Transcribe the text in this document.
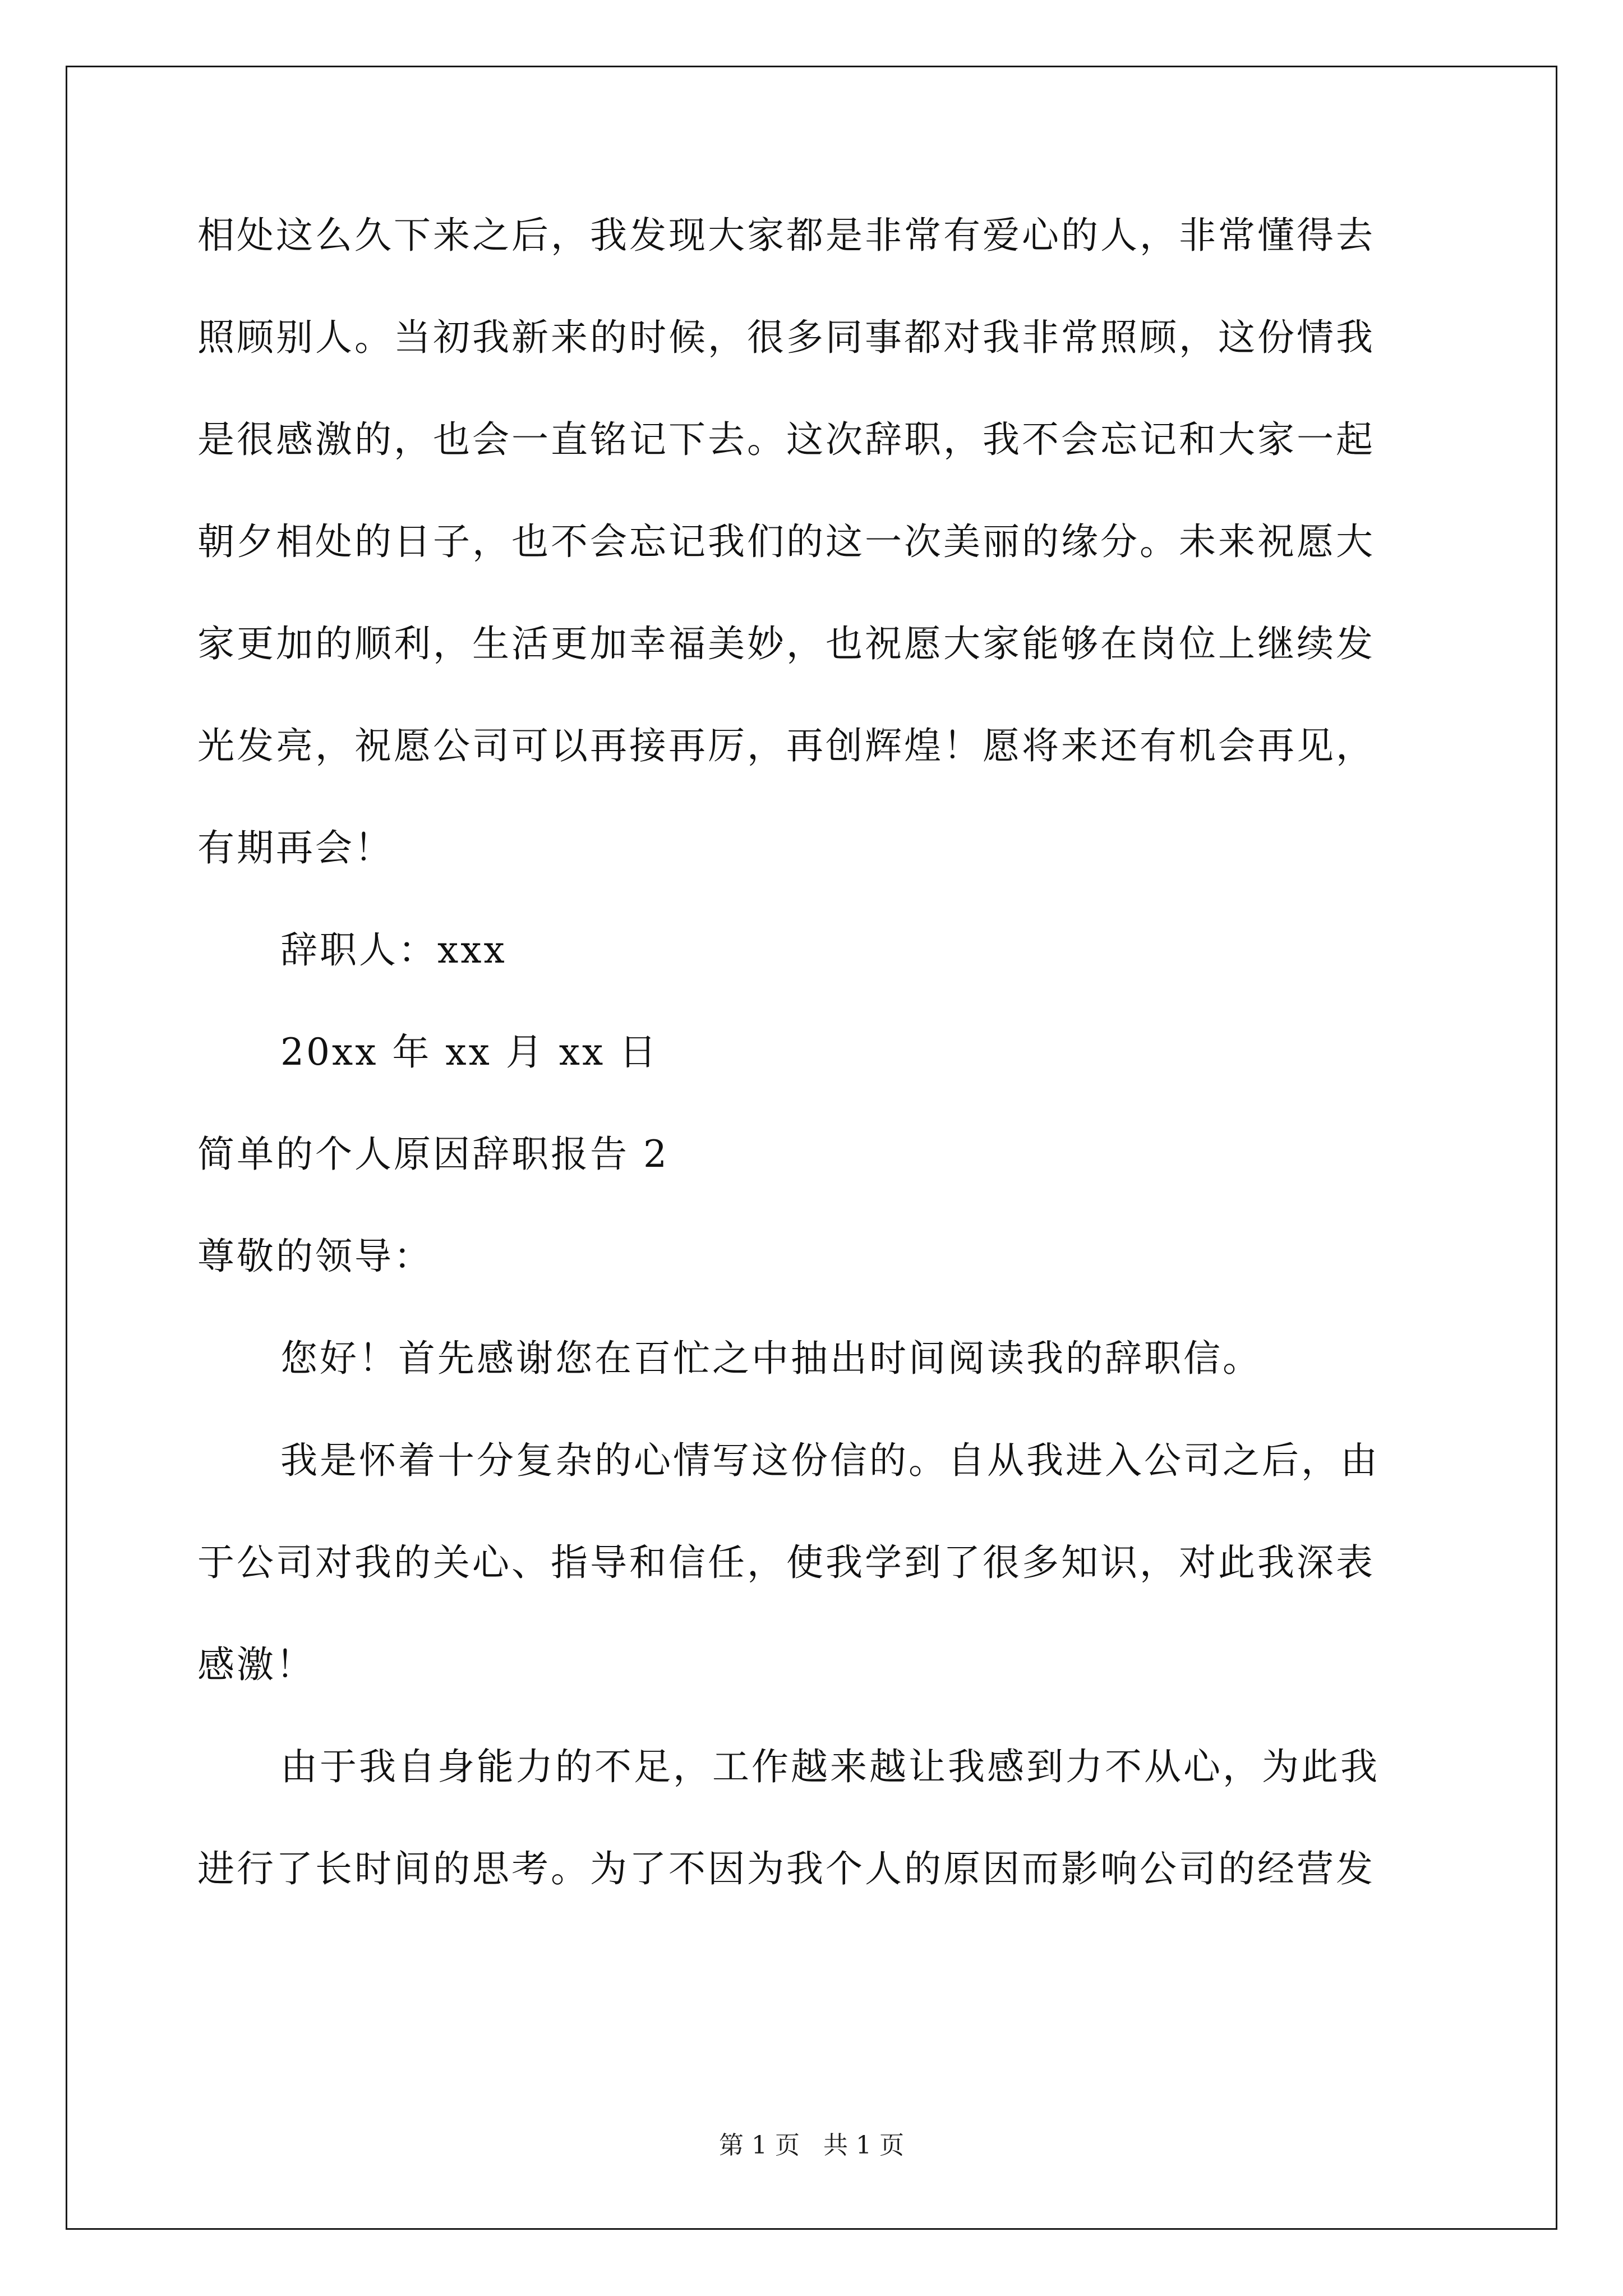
相处这么久下来之后，我发现大家都是非常有爱心的人，非常懂得去
照顾别人。当初我新来的时候，很多同事都对我非常照顾，这份情我
是很感激的，也会一直铭记下去。这次辞职，我不会忘记和大家一起
朝夕相处的日子，也不会忘记我们的这一次美丽的缘分。未来祝愿大
家更加的顺利，生活更加幸福美妙，也祝愿大家能够在岗位上继续发
光发亮，祝愿公司可以再接再厉，再创辉煌！愿将来还有机会再见，
有期再会！
辞职人：xxx
20xx 年 xx 月 xx 日
简单的个人原因辞职报告 2
尊敬的领导：
您好！首先感谢您在百忙之中抽出时间阅读我的辞职信。
我是怀着十分复杂的心情写这份信的。自从我进入公司之后，由
于公司对我的关心、指导和信任，使我学到了很多知识，对此我深表
感激！
由于我自身能力的不足，工作越来越让我感到力不从心，为此我
进行了长时间的思考。为了不因为我个人的原因而影响公司的经营发
第 1 页   共 1 页
